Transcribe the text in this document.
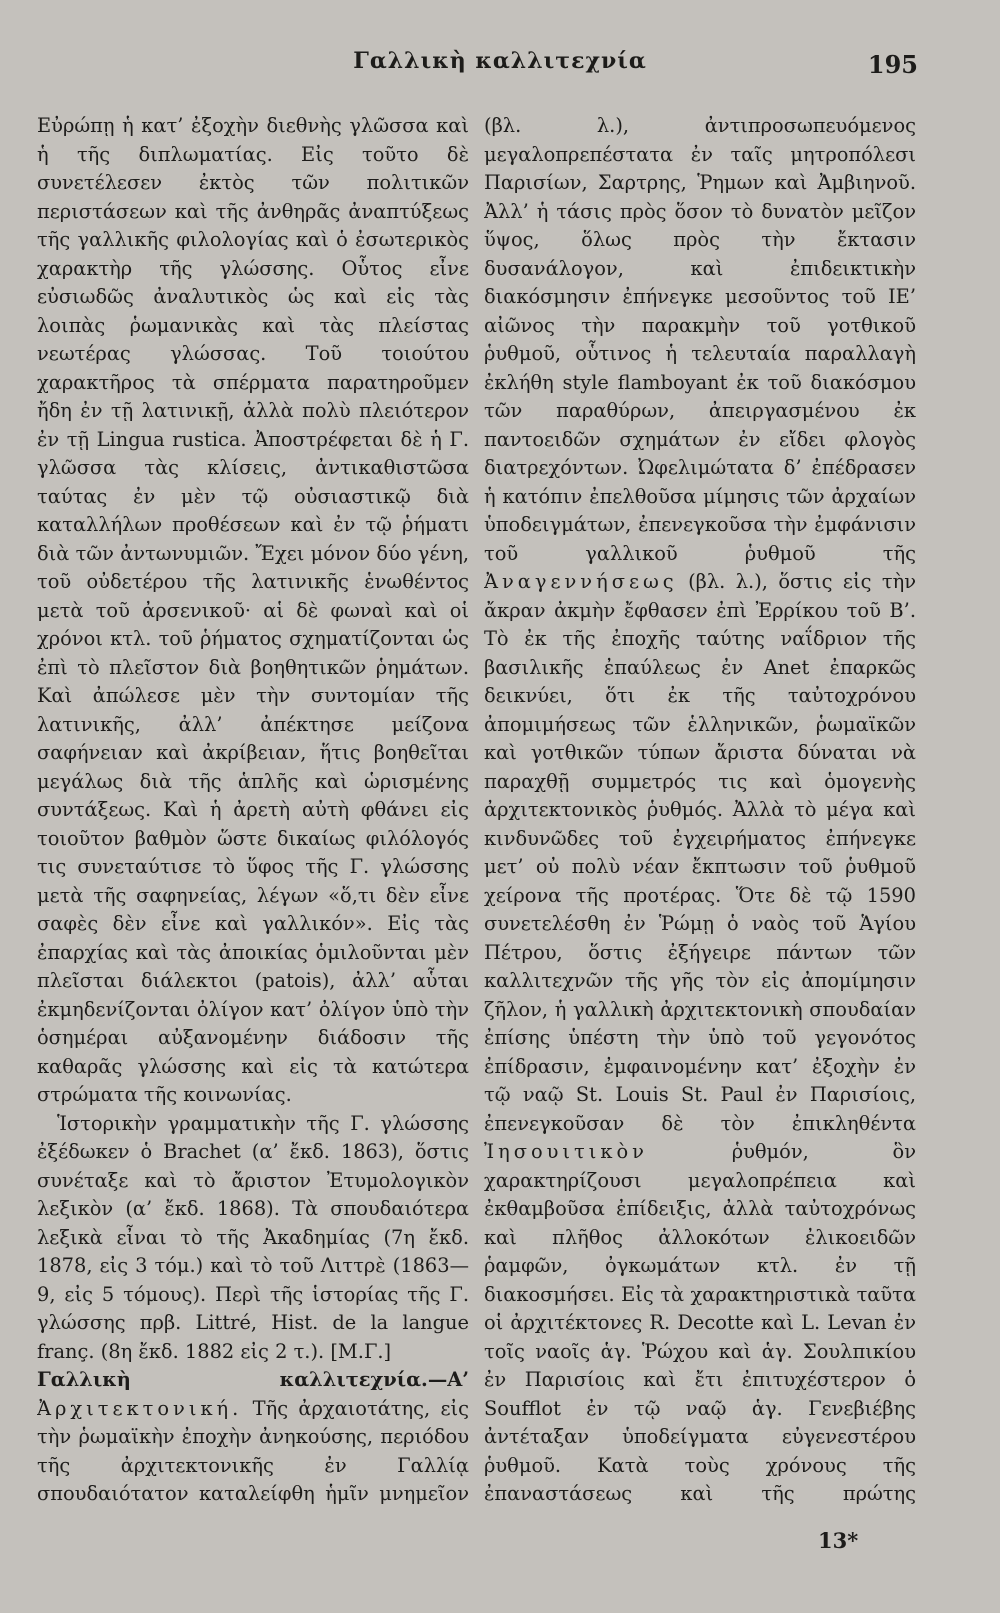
Γαλλικὴ καλλιτεχνία	195

Εὐρώπῃ ἡ κατ’ ἐξοχὴν διεθνὴς γλῶσσα καὶ ἡ τῆς διπλωματίας. Εἰς τοῦτο δὲ συνετέλεσεν ἐκτὸς τῶν πολιτικῶν περιστάσεων καὶ τῆς ἀνθηρᾶς ἀναπτύξεως τῆς γαλλικῆς φιλολογίας καὶ ὁ ἐσωτερικὸς χαρακτὴρ τῆς γλώσσης. Οὗτος εἶνε εὐσιωδῶς ἀναλυτικὸς ὡς καὶ εἰς τὰς λοιπὰς ῥωμανικὰς καὶ τὰς πλείστας νεωτέρας γλώσσας. Τοῦ τοιούτου χαρακτῆρος τὰ σπέρματα παρατηροῦμεν ἤδη ἐν τῇ λατινικῇ, ἀλλὰ πολὺ πλειότερον ἐν τῇ Lingua rustica. Ἀποστρέφεται δὲ ἡ Γ. γλῶσσα τὰς κλίσεις, ἀντικαθιστῶσα ταύτας ἐν μὲν τῷ οὐσιαστικῷ διὰ καταλλήλων προθέσεων καὶ ἐν τῷ ῥήματι διὰ τῶν ἀντωνυμιῶν. Ἔχει μόνον δύο γένη, τοῦ οὐδετέρου τῆς λατινικῆς ἑνωθέντος μετὰ τοῦ ἀρσενικοῦ· αἱ δὲ φωναὶ καὶ οἱ χρόνοι κτλ. τοῦ ῥήματος σχηματίζονται ὡς ἐπὶ τὸ πλεῖστον διὰ βοηθητικῶν ῥημάτων. Καὶ ἀπώλεσε μὲν τὴν συντομίαν τῆς λατινικῆς, ἀλλ’ ἀπέκτησε μείζονα σαφήνειαν καὶ ἀκρίβειαν, ἥτις βοηθεῖται μεγάλως διὰ τῆς ἁπλῆς καὶ ὡρισμένης συντάξεως. Καὶ ἡ ἀρετὴ αὐτὴ φθάνει εἰς τοιοῦτον βαθμὸν ὥστε δικαίως φιλόλογός τις συνεταύτισε τὸ ὕφος τῆς Γ. γλώσσης μετὰ τῆς σαφηνείας, λέγων «ὅ,τι δὲν εἶνε σαφὲς δὲν εἶνε καὶ γαλλικόν». Εἰς τὰς ἐπαρχίας καὶ τὰς ἀποικίας ὁμιλοῦνται μὲν πλεῖσται διάλεκτοι (patois), ἀλλ’ αὗται ἐκμηδενίζονται ὀλίγον κατ’ ὀλίγον ὑπὸ τὴν ὁσημέραι αὐξανομένην διάδοσιν τῆς καθαρᾶς γλώσσης καὶ εἰς τὰ κατώτερα στρώματα τῆς κοινωνίας.

Ἱστορικὴν γραμματικὴν τῆς Γ. γλώσσης ἐξέδωκεν ὁ Brachet (α’ ἔκδ. 1863), ὅστις συνέταξε καὶ τὸ ἄριστον Ἐτυμολογικὸν λεξικὸν (α’ ἔκδ. 1868). Τὰ σπουδαιότερα λεξικὰ εἶναι τὸ τῆς Ἀκαδημίας (7η ἔκδ. 1878, εἰς 3 τόμ.) καὶ τὸ τοῦ Λιττρὲ (1863—9, εἰς 5 τόμους). Περὶ τῆς ἱστορίας τῆς Γ. γλώσσης πρβ. Littré, Hist. de la langue franç. (8η ἔκδ. 1882 εἰς 2 τ.). [Μ.Γ.]

Γαλλικὴ καλλιτεχνία.—Α’ Ἀρχιτεκτονική. Τῆς ἀρχαιοτάτης, εἰς τὴν ῥωμαϊκὴν ἐποχὴν ἀνηκούσης, περιόδου τῆς ἀρχιτεκτονικῆς ἐν Γαλλίᾳ σπουδαιότατον καταλείφθη ἡμῖν μνημεῖον

(βλ. λ.), ἀντιπροσωπευόμενος μεγαλοπρεπέστατα ἐν ταῖς μητροπόλεσι Παρισίων, Σαρτρης, Ῥημων καὶ Ἀμβιηνοῦ. Ἀλλ’ ἡ τάσις πρὸς ὅσον τὸ δυνατὸν μεῖζον ὕψος, ὅλως πρὸς τὴν ἔκτασιν δυσανάλογον, καὶ ἐπιδεικτικὴν διακόσμησιν ἐπήνεγκε μεσοῦντος τοῦ ΙΕ’ αἰῶνος τὴν παρακμὴν τοῦ γοτθικοῦ ῥυθμοῦ, οὗτινος ἡ τελευταία παραλλαγὴ ἐκλήθη style flamboyant ἐκ τοῦ διακόσμου τῶν παραθύρων, ἀπειργασμένου ἐκ παντοειδῶν σχημάτων ἐν εἴδει φλογὸς διατρεχόντων. Ὠφελιμώτατα δ’ ἐπέδρασεν ἡ κατόπιν ἐπελθοῦσα μίμησις τῶν ἀρχαίων ὑποδειγμάτων, ἐπενεγκοῦσα τὴν ἐμφάνισιν τοῦ γαλλικοῦ ῥυθμοῦ τῆς Ἀναγεννήσεως (βλ. λ.), ὅστις εἰς τὴν ἄκραν ἀκμὴν ἔφθασεν ἐπὶ Ἐρρίκου τοῦ Β’. Τὸ ἐκ τῆς ἐποχῆς ταύτης ναΐδριον τῆς βασιλικῆς ἐπαύλεως ἐν Anet ἐπαρκῶς δεικνύει, ὅτι ἐκ τῆς ταὐτοχρόνου ἀπομιμήσεως τῶν ἑλληνικῶν, ῥωμαϊκῶν καὶ γοτθικῶν τύπων ἄριστα δύναται νὰ παραχθῇ συμμετρός τις καὶ ὁμογενὴς ἀρχιτεκτονικὸς ῥυθμός. Ἀλλὰ τὸ μέγα καὶ κινδυνῶδες τοῦ ἐγχειρήματος ἐπήνεγκε μετ’ οὐ πολὺ νέαν ἔκπτωσιν τοῦ ῥυθμοῦ χείρονα τῆς προτέρας. Ὅτε δὲ τῷ 1590 συνετελέσθη ἐν Ῥώμῃ ὁ ναὸς τοῦ Ἁγίου Πέτρου, ὅστις ἐξήγειρε πάντων τῶν καλλιτεχνῶν τῆς γῆς τὸν εἰς ἀπομίμησιν ζῆλον, ἡ γαλλικὴ ἀρχιτεκτονικὴ σπουδαίαν ἐπίσης ὑπέστη τὴν ὑπὸ τοῦ γεγονότος ἐπίδρασιν, ἐμφαινομένην κατ’ ἐξοχὴν ἐν τῷ ναῷ St. Louis St. Paul ἐν Παρισίοις, ἐπενεγκοῦσαν δὲ τὸν ἐπικληθέντα Ἰησουιτικὸν	ῥυθμόν, ὃν χαρακτηρίζουσι μεγαλοπρέπεια καὶ ἐκθαμβοῦσα ἐπίδειξις, ἀλλὰ ταὐτοχρόνως καὶ πλῆθος ἀλλοκότων ἐλικοειδῶν ῥαμφῶν, ὀγκωμάτων κτλ. ἐν τῇ διακοσμήσει. Εἰς τὰ χαρακτηριστικὰ ταῦτα οἱ ἀρχιτέκτονες R. Decotte καὶ L. Levan ἐν τοῖς ναοῖς ἁγ. Ῥώχου καὶ ἁγ. Σουλπικίου ἐν Παρισίοις καὶ ἔτι ἐπιτυχέστερον ὁ Soufflot ἐν τῷ ναῷ ἁγ. Γενεβιέβης ἀντέταξαν ὑποδείγματα εὐγενεστέρου ῥυθμοῦ. Κατὰ τοὺς χρόνους τῆς ἐπαναστάσεως καὶ τῆς πρώτης

13*
